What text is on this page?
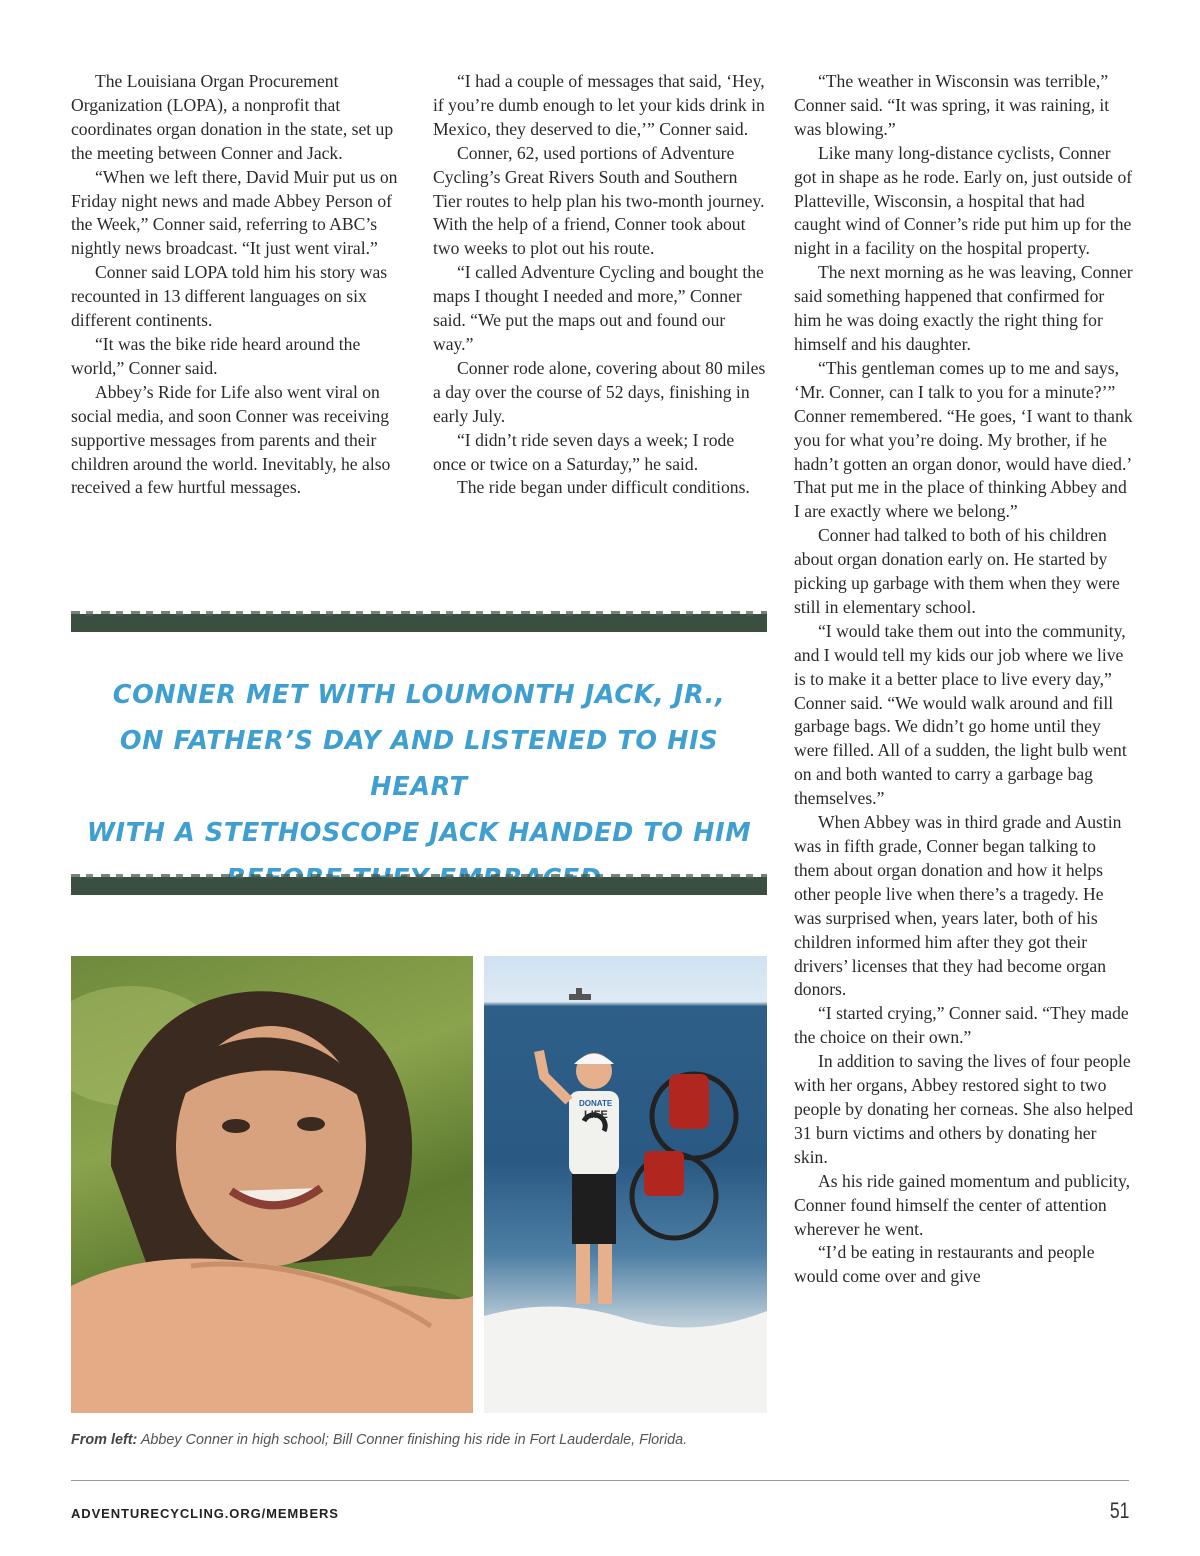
The Louisiana Organ Procurement Organization (LOPA), a nonprofit that coordinates organ donation in the state, set up the meeting between Conner and Jack.

“When we left there, David Muir put us on Friday night news and made Abbey Person of the Week,” Conner said, referring to ABC’s nightly news broadcast. “It just went viral.”

Conner said LOPA told him his story was recounted in 13 different languages on six different continents.

“It was the bike ride heard around the world,” Conner said.

Abbey’s Ride for Life also went viral on social media, and soon Conner was receiving supportive messages from parents and their children around the world. Inevitably, he also received a few hurtful messages.

“I had a couple of messages that said, ‘Hey, if you’re dumb enough to let your kids drink in Mexico, they deserved to die,’” Conner said.

Conner, 62, used portions of Adventure Cycling’s Great Rivers South and Southern Tier routes to help plan his two-month journey. With the help of a friend, Conner took about two weeks to plot out his route.

“I called Adventure Cycling and bought the maps I thought I needed and more,” Conner said. “We put the maps out and found our way.”

Conner rode alone, covering about 80 miles a day over the course of 52 days, finishing in early July.

“I didn’t ride seven days a week; I rode once or twice on a Saturday,” he said.

The ride began under difficult conditions.

“The weather in Wisconsin was terrible,” Conner said. “It was spring, it was raining, it was blowing.”

Like many long-distance cyclists, Conner got in shape as he rode. Early on, just outside of Platteville, Wisconsin, a hospital that had caught wind of Conner’s ride put him up for the night in a facility on the hospital property.

The next morning as he was leaving, Conner said something happened that confirmed for him he was doing exactly the right thing for himself and his daughter.

“This gentleman comes up to me and says, ‘Mr. Conner, can I talk to you for a minute?’” Conner remembered. “He goes, ‘I want to thank you for what you’re doing. My brother, if he hadn’t gotten an organ donor, would have died.’ That put me in the place of thinking Abbey and I are exactly where we belong.”

Conner had talked to both of his children about organ donation early on. He started by picking up garbage with them when they were still in elementary school.

“I would take them out into the community, and I would tell my kids our job where we live is to make it a better place to live every day,” Conner said. “We would walk around and fill garbage bags. We didn’t go home until they were filled. All of a sudden, the light bulb went on and both wanted to carry a garbage bag themselves.”

When Abbey was in third grade and Austin was in fifth grade, Conner began talking to them about organ donation and how it helps other people live when there’s a tragedy. He was surprised when, years later, both of his children informed him after they got their drivers’ licenses that they had become organ donors.

“I started crying,” Conner said. “They made the choice on their own.”

In addition to saving the lives of four people with her organs, Abbey restored sight to two people by donating her corneas. She also helped 31 burn victims and others by donating her skin.

As his ride gained momentum and publicity, Conner found himself the center of attention wherever he went.

“I’d be eating in restaurants and people would come over and give

CONNER MET WITH LOUMONTH JACK, JR.,
ON FATHER’S DAY AND LISTENED TO HIS HEART
WITH A STETHOSCOPE JACK HANDED TO HIM
DONATE
LIFE

From left: Abbey Conner in high school; Bill Conner finishing his ride in Fort Lauderdale, Florida.

ADVENTURECYCLING.ORG/MEMBERS	51
